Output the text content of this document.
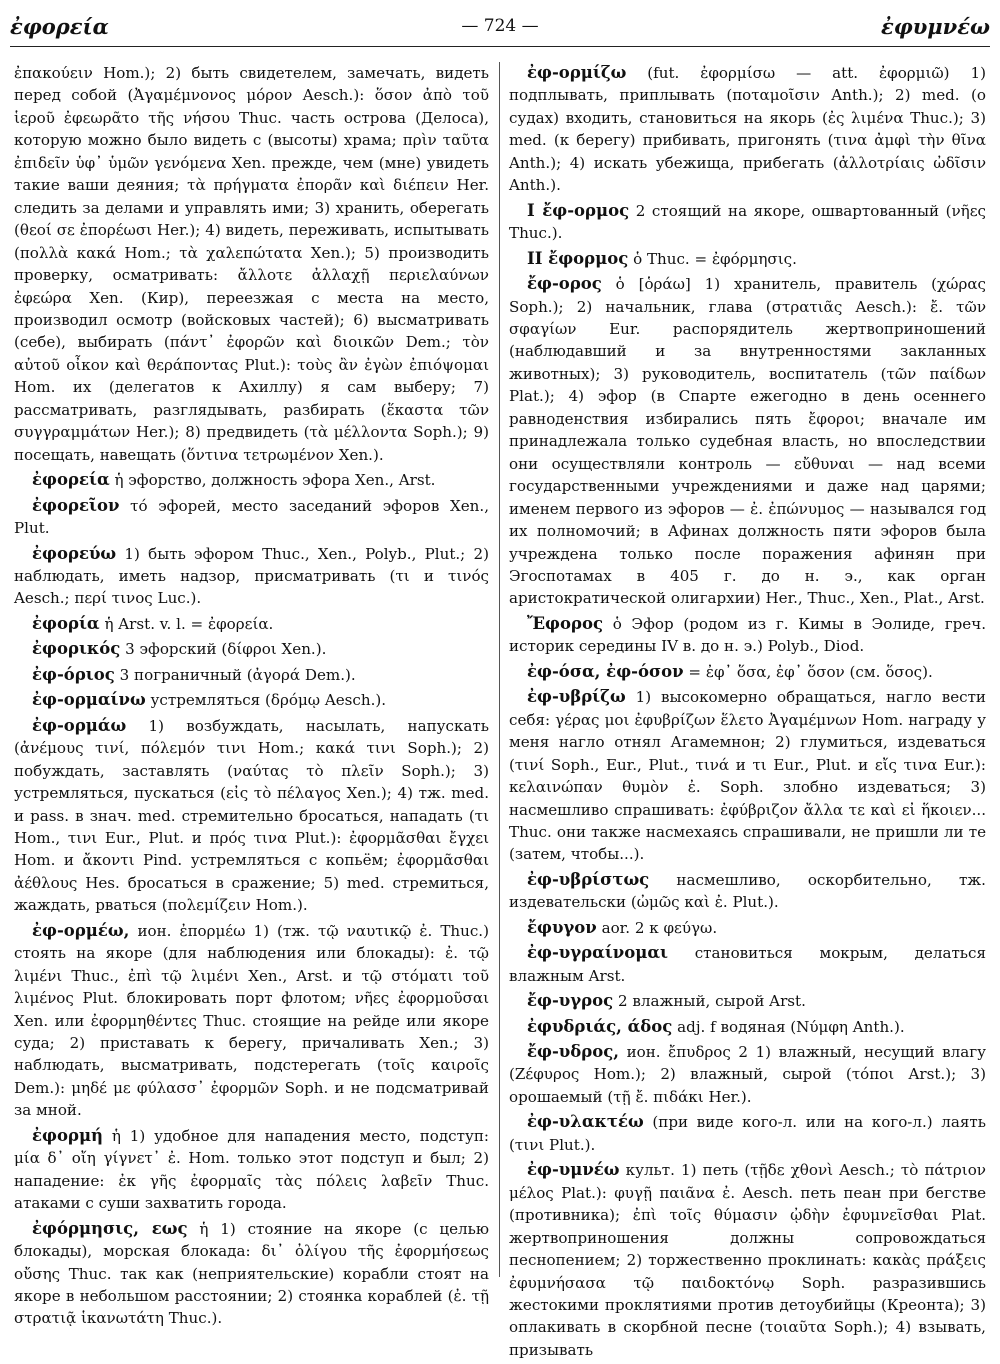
ἐφορεία	— 724 —	ἐφυμνέω

ἐπακούειν Hom.); 2) быть свидетелем, замечать, видеть перед собой (Ἀγαμέμνονος μόρον Aesch.): ὅσον ἀπὸ τοῦ ἱεροῦ ἐφεωρᾶτο τῆς νήσου Thuc. часть острова (Делоса), которую можно было видеть с (высоты) храма; πρὶν ταῦτα ἐπιδεῖν ὑφ᾽ ὑμῶν γενόμενα Xen. прежде, чем (мне) увидеть такие ваши деяния; τὰ πρήγματα ἐπορᾶν καὶ διέπειν Her. следить за делами и управлять ими; 3) хранить, оберегать (θεοί σε ἐπορέωσι Her.); 4) видеть, переживать, испытывать (πολλὰ κακά Hom.; τὰ χαλεπώτατα Xen.); 5) производить проверку, осматривать: ἄλλοτε ἀλλαχῇ περιελαύνων ἐφεώρα Xen. (Кир), переезжая с места на место, производил осмотр (войсковых частей); 6) высматривать (себе), выбирать (πάντ᾽ ἐφορῶν καὶ διοικῶν Dem.; τὸν αὐτοῦ οἶκον καὶ θεράποντας Plut.): τοὺς ἂν ἐγὼν ἐπιόψομαι Hom. их (делегатов к Ахиллу) я сам выберу; 7) рассматривать, разглядывать, разбирать (ἕκαστα τῶν συγγραμμάτων Her.); 8) предвидеть (τὰ μέλλοντα Soph.); 9) посещать, навещать (ὅντινα τετρωμένον Xen.).

ἐφορεία ἡ эфорство, должность эфора Xen., Arst.

ἐφορεῖον τό эфорей, место заседаний эфоров Xen., Plut.

ἐφορεύω 1) быть эфором Thuc., Xen., Polyb., Plut.; 2) наблюдать, иметь надзор, присматривать (τι и τινός Aesch.; περί τινος Luc.).

ἐφορία ἡ Arst. v. l. = ἐφορεία.

ἐφορικός 3 эфорский (δίφροι Xen.).

ἐφ-όριος 3 пограничный (ἀγορά Dem.).

ἐφ-ορμαίνω устремляться (δρόμῳ Aesch.).

ἐφ-ορμάω 1) возбуждать, насылать, напускать (ἀνέμους τινί, πόλεμόν τινι Hom.; κακά τινι Soph.); 2) побуждать, заставлять (ναύτας τὸ πλεῖν Soph.); 3) устремляться, пускаться (εἰς τὸ πέλαγος Xen.); 4) тж. med. и pass. в знач. med. стремительно бросаться, нападать (τι Hom., τινι Eur., Plut. и πρός τινα Plut.): ἐφορμᾶσθαι ἔγχει Hom. и ἄκοντι Pind. устремляться с копьём; ἐφορμᾶσθαι ἀέθλους Hes. бросаться в сражение; 5) med. стремиться, жаждать, рваться (πολεμίζειν Hom.).

ἐφ-ορμέω, ион. ἐπορμέω 1) (тж. τῷ ναυτικῷ ἐ. Thuc.) стоять на якоре (для наблюдения или блокады): ἐ. τῷ λιμένι Thuc., ἐπὶ τῷ λιμένι Xen., Arst. и τῷ στόματι τοῦ λιμένος Plut. блокировать порт флотом; νῆες ἐφορμοῦσαι Xen. или ἐφορμηθέντες Thuc. стоящие на рейде или якоре суда; 2) приставать к берегу, причаливать Xen.; 3) наблюдать, высматривать, подстерегать (τοῖς καιροῖς Dem.): μηδέ με φύλασσ᾽ ἐφορμῶν Soph. и не подсматривай за мной.

ἐφορμή ἡ 1) удобное для нападения место, подступ: μία δ᾽ οἴη γίγνετ᾽ ἐ. Hom. только этот подступ и был; 2) нападение: ἐκ γῆς ἐφορμαῖς τὰς πόλεις λαβεῖν Thuc. атаками с суши захватить города.

ἐφόρμησις, εως ἡ 1) стояние на якоре (с целью блокады), морская блокада: δι᾽ ὀλίγου τῆς ἐφορμήσεως οὔσης Thuc. так как (неприятельские) корабли стоят на якоре в небольшом расстоянии; 2) стоянка кораблей (ἐ. τῇ στρατιᾷ ἱκανωτάτη Thuc.).

ἐφ-ορμίζω (fut. ἐφορμίσω — att. ἐφορμιῶ) 1) подплывать, приплывать (ποταμοῖσιν Anth.); 2) med. (о судах) входить, становиться на якорь (ἐς λιμένα Thuc.); 3) med. (к берегу) прибивать, пригонять (τινα ἀμφὶ τὴν θῖνα Anth.); 4) искать убежища, прибегать (ἀλλοτρίαις ὠδῖσιν Anth.).

I ἔφ-ορμος 2 стоящий на якоре, ошвартованный (νῆες Thuc.).

II ἔφορμος ὁ Thuc. = ἐφόρμησις.

ἔφ-ορος ὁ [ὁράω] 1) хранитель, правитель (χώρας Soph.); 2) начальник, глава (στρατιᾶς Aesch.): ἔ. τῶν σφαγίων Eur. распорядитель жертвоприношений (наблюдавший и за внутренностями закланных животных); 3) руководитель, воспитатель (τῶν παίδων Plat.); 4) эфор (в Спарте ежегодно в день осеннего равноденствия избирались пять ἔφοροι; вначале им принадлежала только судебная власть, но впоследствии они осуществляли контроль — εὔθυναι — над всеми государственными учреждениями и даже над царями; именем первого из эфоров — ἐ. ἐπώνυμος — назывался год их полномочий; в Афинах должность пяти эфоров была учреждена только после поражения афинян при Эгоспотамах в 405 г. до н. э., как орган аристократической олигархии) Her., Thuc., Xen., Plat., Arst.

Ἔφορος ὁ Эфор (родом из г. Кимы в Эолиде, греч. историк середины IV в. до н. э.) Polyb., Diod.

ἐφ-όσα, ἐφ-όσον = ἐφ᾽ ὅσα, ἐφ᾽ ὅσον (см. ὅσος).

ἐφ-υβρίζω 1) высокомерно обращаться, нагло вести себя: γέρας μοι ἐφυβρίζων ἕλετο Ἀγαμέμνων Hom. награду у меня нагло отнял Агамемнон; 2) глумиться, издеваться (τινί Soph., Eur., Plut., τινά и τι Eur., Plut. и εἴς τινα Eur.): κελαινώπαν θυμὸν ἐ. Soph. злобно издеваться; 3) насмешливо спрашивать: ἐφύβριζον ἄλλα τε καὶ εἰ ἥκοιεν... Thuc. они также насмехаясь спрашивали, не пришли ли те (затем, чтобы...).

ἐφ-υβρίστως насмешливо, оскорбительно, тж. издевательски (ὠμῶς καὶ ἐ. Plut.).

ἔφυγον aor. 2 к φεύγω.

ἐφ-υγραίνομαι становиться мокрым, делаться влажным Arst.

ἔφ-υγρος 2 влажный, сырой Arst.

ἐφυδριάς, άδος adj. f водяная (Νύμφη Anth.).

ἔφ-υδρος, ион. ἔπυδρος 2 1) влажный, несущий влагу (Ζέφυρος Hom.); 2) влажный, сырой (τόποι Arst.); 3) орошаемый (τῇ ἔ. πιδάκι Her.).

ἐφ-υλακτέω (при виде кого-л. или на кого-л.) лаять (τινι Plut.).

ἐφ-υμνέω культ. 1) петь (τῇδε χθονὶ Aesch.; τὸ πάτριον μέλος Plat.): φυγῇ παιᾶνα ἐ. Aesch. петь пеан при бегстве (противника); ἐπὶ τοῖς θύμασιν ᾠδὴν ἐφυμνεῖσθαι Plat. жертвоприношения должны сопровождаться песнопением; 2) торжественно проклинать: κακὰς πράξεις ἐφυμνήσασα τῷ παιδοκτόνῳ Soph. разразившись жестокими проклятиями против детоубийцы (Креонта); 3) оплакивать в скорбной песне (τοιαῦτα Soph.); 4) взывать, призывать
